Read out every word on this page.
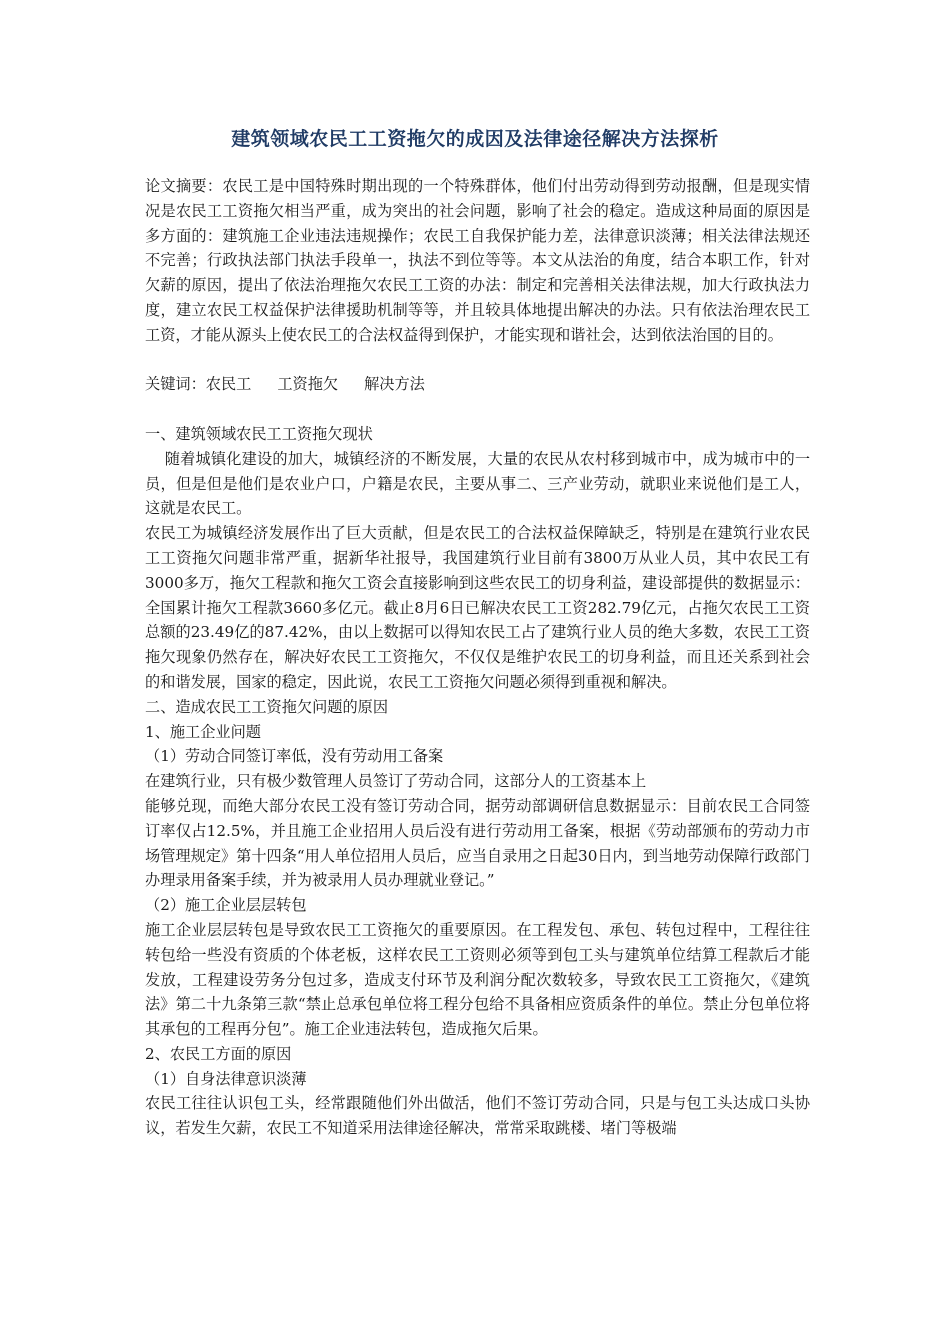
建筑领域农民工工资拖欠的成因及法律途径解决方法探析

论文摘要：农民工是中国特殊时期出现的一个特殊群体，他们付出劳动得到劳动报酬，但是现实情况是农民工工资拖欠相当严重，成为突出的社会问题，影响了社会的稳定。造成这种局面的原因是多方面的：建筑施工企业违法违规操作；农民工自我保护能力差，法律意识淡薄；相关法律法规还不完善；行政执法部门执法手段单一，执法不到位等等。本文从法治的角度，结合本职工作，针对欠薪的原因，提出了依法治理拖欠农民工工资的办法：制定和完善相关法律法规，加大行政执法力度，建立农民工权益保护法律援助机制等等，并且较具体地提出解决的办法。只有依法治理农民工工资，才能从源头上使农民工的合法权益得到保护，才能实现和谐社会，达到依法治国的目的。

关键词：农民工 工资拖欠 解决方法

一、建筑领域农民工工资拖欠现状

随着城镇化建设的加大，城镇经济的不断发展，大量的农民从农村移到城市中，成为城市中的一员，但是但是他们是农业户口，户籍是农民，主要从事二、三产业劳动，就职业来说他们是工人，这就是农民工。

农民工为城镇经济发展作出了巨大贡献，但是农民工的合法权益保障缺乏，特别是在建筑行业农民工工资拖欠问题非常严重，据新华社报导，我国建筑行业目前有3800万从业人员，其中农民工有3000多万，拖欠工程款和拖欠工资会直接影响到这些农民工的切身利益，建设部提供的数据显示：全国累计拖欠工程款3660多亿元。截止8月6日已解决农民工工资282.79亿元，占拖欠农民工工资总额的23.49亿的87.42%，由以上数据可以得知农民工占了建筑行业人员的绝大多数，农民工工资拖欠现象仍然存在，解决好农民工工资拖欠，不仅仅是维护农民工的切身利益，而且还关系到社会的和谐发展，国家的稳定，因此说，农民工工资拖欠问题必须得到重视和解决。

二、造成农民工工资拖欠问题的原因

1、施工企业问题

（1）劳动合同签订率低，没有劳动用工备案

在建筑行业，只有极少数管理人员签订了劳动合同，这部分人的工资基本上

能够兑现，而绝大部分农民工没有签订劳动合同，据劳动部调研信息数据显示：目前农民工合同签订率仅占12.5%，并且施工企业招用人员后没有进行劳动用工备案，根据《劳动部颁布的劳动力市场管理规定》第十四条“用人单位招用人员后，应当自录用之日起30日内，到当地劳动保障行政部门办理录用备案手续，并为被录用人员办理就业登记。”

（2）施工企业层层转包

施工企业层层转包是导致农民工工资拖欠的重要原因。在工程发包、承包、转包过程中，工程往往转包给一些没有资质的个体老板，这样农民工工资则必须等到包工头与建筑单位结算工程款后才能发放，工程建设劳务分包过多，造成支付环节及利润分配次数较多，导致农民工工资拖欠，《建筑法》第二十九条第三款“禁止总承包单位将工程分包给不具备相应资质条件的单位。禁止分包单位将其承包的工程再分包”。施工企业违法转包，造成拖欠后果。

2、农民工方面的原因

（1）自身法律意识淡薄

农民工往往认识包工头，经常跟随他们外出做活，他们不签订劳动合同，只是与包工头达成口头协议，若发生欠薪，农民工不知道采用法律途径解决，常常采取跳楼、堵门等极端
